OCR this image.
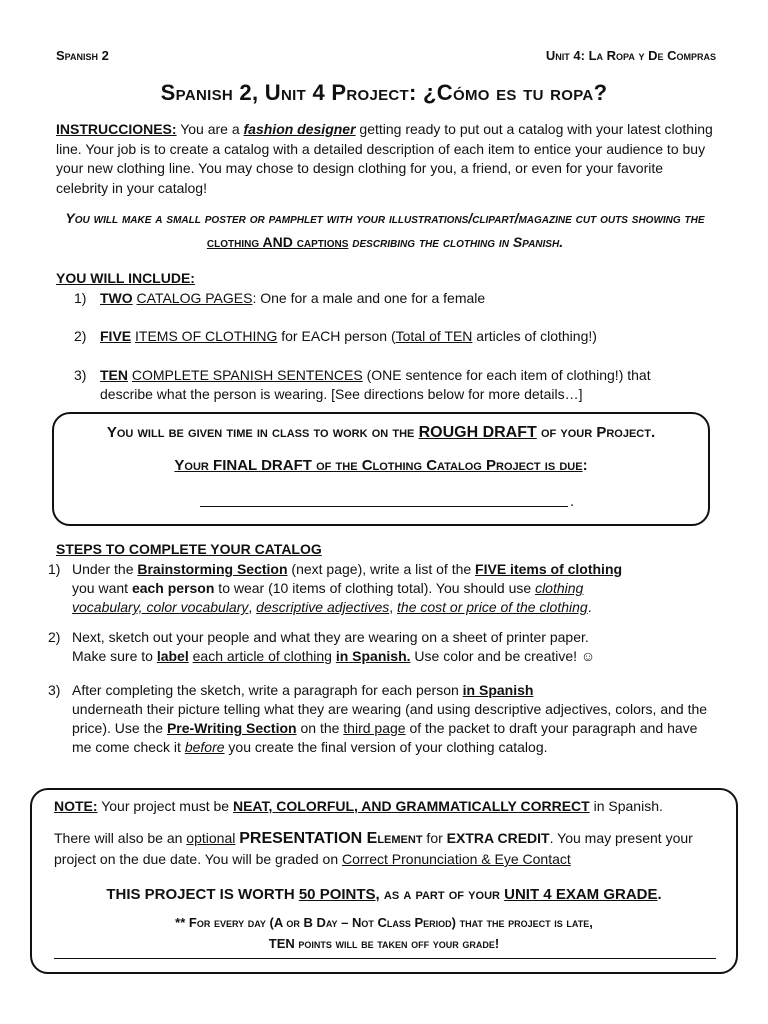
Spanish 2	Unit 4: La Ropa y De Compras
Spanish 2, Unit 4 Project: ¿Cómo es tu ropa?
INSTRUCCIONES: You are a fashion designer getting ready to put out a catalog with your latest clothing line. Your job is to create a catalog with a detailed description of each item to entice your audience to buy your new clothing line. You may chose to design clothing for you, a friend, or even for your favorite celebrity in your catalog!
You will make a small poster or pamphlet with your illustrations/clipart/magazine cut outs showing the clothing AND captions describing the clothing in Spanish.
YOU WILL INCLUDE:
1) TWO CATALOG PAGES: One for a male and one for a female
2) FIVE ITEMS OF CLOTHING for EACH person (Total of TEN articles of clothing!)
3) TEN COMPLETE SPANISH SENTENCES (ONE sentence for each item of clothing!) that
describe what the person is wearing. [See directions below for more details…]
You will be given time in class to work on the ROUGH DRAFT of your Project.
Your FINAL DRAFT of the Clothing Catalog Project is due:
.
STEPS TO COMPLETE YOUR CATALOG
1) Under the Brainstorming Section (next page), write a list of the FIVE items of clothing
you want each person to wear (10 items of clothing total). You should use clothing
vocabulary, color vocabulary, descriptive adjectives, the cost or price of the clothing.
2) Next, sketch out your people and what they are wearing on a sheet of printer paper.
Make sure to label each article of clothing in Spanish. Use color and be creative! ☺
3) After completing the sketch, write a paragraph for each person in Spanish
underneath their picture telling what they are wearing (and using descriptive adjectives, colors, and the price). Use the Pre-Writing Section on the third page of the packet to draft your paragraph and have me come check it before you create the final version of your clothing catalog.
NOTE: Your project must be NEAT, COLORFUL, AND GRAMMATICALLY CORRECT in Spanish.
There will also be an optional PRESENTATION Element for EXTRA CREDIT. You may present your project on the due date. You will be graded on Correct Pronunciation & Eye Contact
THIS PROJECT IS WORTH 50 POINTS, as a part of your UNIT 4 EXAM GRADE.
** For every day (A or B Day – Not Class Period) that the project is late,
TEN points will be taken off your grade!
